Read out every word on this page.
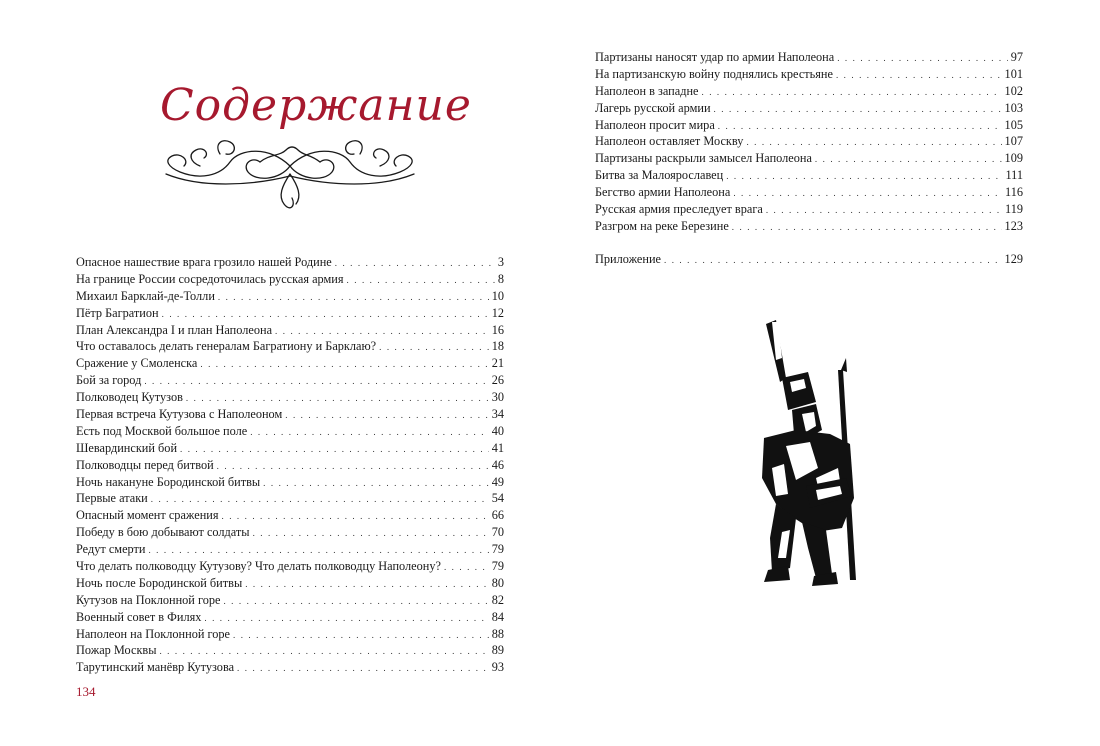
Содержание
Опасное нашествие врага грозило нашей Родине . . .	3
На границе России сосредоточилась русская армия . . .	8
Михаил Барклай-де-Толли . . .	10
Пётр Багратион . . .	12
План Александра I и план Наполеона . . .	16
Что оставалось делать генералам Багратиону и Барклаю? . . .	18
Сражение у Смоленска . . .	21
Бой за город . . .	26
Полководец Кутузов . . .	30
Первая встреча Кутузова с Наполеоном . . .	34
Есть под Москвой большое поле . . .	40
Шевардинский бой . . .	41
Полководцы перед битвой . . .	46
Ночь накануне Бородинской битвы . . .	49
Первые атаки . . .	54
Опасный момент сражения . . .	66
Победу в бою добывают солдаты . . .	70
Редут смерти . . .	79
Что делать полководцу Кутузову? Что делать полководцу Наполеону? . . .	79
Ночь после Бородинской битвы . . .	80
Кутузов на Поклонной горе . . .	82
Военный совет в Филях . . .	84
Наполеон на Поклонной горе . . .	88
Пожар Москвы . . .	89
Тарутинский манёвр Кутузова . . .	93
134
Партизаны наносят удар по армии Наполеона . . .	97
На партизанскую войну поднялись крестьяне . . .	101
Наполеон в западне . . .	102
Лагерь русской армии . . .	103
Наполеон просит мира . . .	105
Наполеон оставляет Москву . . .	107
Партизаны раскрыли замысел Наполеона . . .	109
Битва за Малоярославец . . .	111
Бегство армии Наполеона . . .	116
Русская армия преследует врага . . .	119
Разгром на реке Березине . . .	123
Приложение . . .	129
